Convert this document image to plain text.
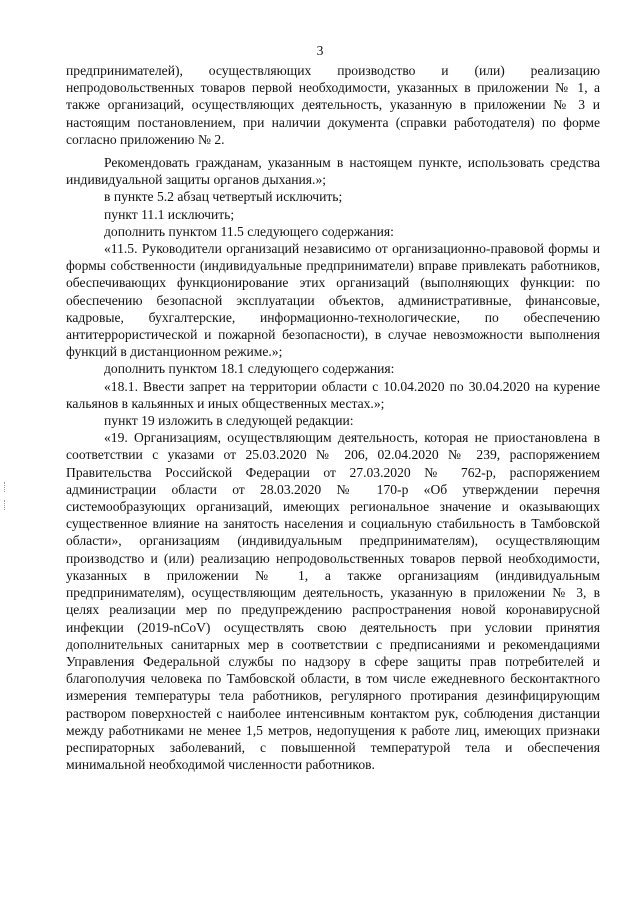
3

предпринимателей), осуществляющих производство и (или) реализацию непродовольственных товаров первой необходимости, указанных в приложении № 1, а также организаций, осуществляющих деятельность, указанную в приложении № 3 и настоящим постановлением, при наличии документа (справки работодателя) по форме согласно приложению № 2.

Рекомендовать гражданам, указанным в настоящем пункте, использовать средства индивидуальной защиты органов дыхания.»;

в пункте 5.2 абзац четвертый исключить;

пункт 11.1 исключить;

дополнить пунктом 11.5 следующего содержания:

«11.5. Руководители организаций независимо от организационно-правовой формы и формы собственности (индивидуальные предприниматели) вправе привлекать работников, обеспечивающих функционирование этих организаций (выполняющих функции: по обеспечению безопасной эксплуатации объектов, административные, финансовые, кадровые, бухгалтерские, информационно-технологические, по обеспечению антитеррористической и пожарной безопасности), в случае невозможности выполнения функций в дистанционном режиме.»;

дополнить пунктом 18.1 следующего содержания:

«18.1. Ввести запрет на территории области с 10.04.2020 по 30.04.2020 на курение кальянов в кальянных и иных общественных местах.»;

пункт 19 изложить в следующей редакции:

«19. Организациям, осуществляющим деятельность, которая не приостановлена в соответствии с указами от 25.03.2020 № 206, 02.04.2020 № 239, распоряжением Правительства Российской Федерации от 27.03.2020 № 762-р, распоряжением администрации области от 28.03.2020 № 170-р «Об утверждении перечня системообразующих организаций, имеющих региональное значение и оказывающих существенное влияние на занятость населения и социальную стабильность в Тамбовской области», организациям (индивидуальным предпринимателям), осуществляющим производство и (или) реализацию непродовольственных товаров первой необходимости, указанных в приложении № 1, а также организациям (индивидуальным предпринимателям), осуществляющим деятельность, указанную в приложении № 3, в целях реализации мер по предупреждению распространения новой коронавирусной инфекции (2019-nCoV) осуществлять свою деятельность при условии принятия дополнительных санитарных мер в соответствии с предписаниями и рекомендациями Управления Федеральной службы по надзору в сфере защиты прав потребителей и благополучия человека по Тамбовской области, в том числе ежедневного бесконтактного измерения температуры тела работников, регулярного протирания дезинфицирующим раствором поверхностей с наиболее интенсивным контактом рук, соблюдения дистанции между работниками не менее 1,5 метров, недопущения к работе лиц, имеющих признаки респираторных заболеваний, с повышенной температурой тела и обеспечения минимальной необходимой численности работников.
